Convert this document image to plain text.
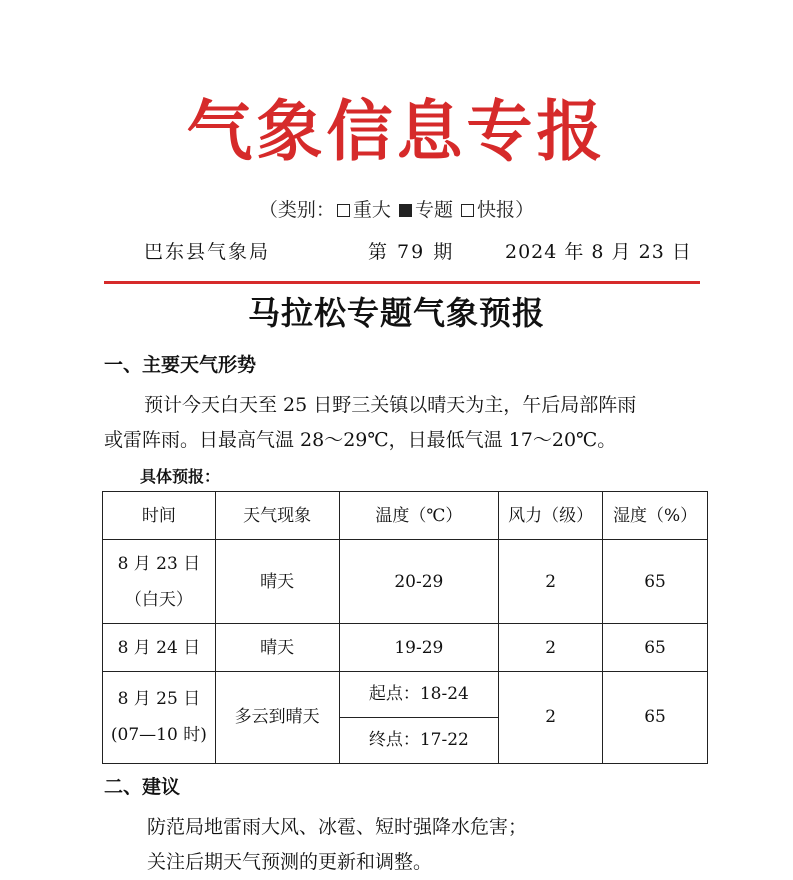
气象信息专报
（类别： 重大 专题 快报）
巴东县气象局	第 79 期	2024 年 8 月 23 日
马拉松专题气象预报
一、主要天气形势
预计今天白天至 25 日野三关镇以晴天为主，午后局部阵雨
或雷阵雨。日最高气温 28～29℃，日最低气温 17～20℃。
具体预报：
时间	天气现象	温度（℃）	风力（级）	湿度（%）

8 月 23 日
（白天）	晴天	20-29	2	65
8 月 24 日	晴天	19-29	2	65

8 月 25 日
(07—10 时)	多云到晴天	起点：18-24	2	65
		终点：17-22		
二、建议
防范局地雷雨大风、冰雹、短时强降水危害；
关注后期天气预测的更新和调整。
